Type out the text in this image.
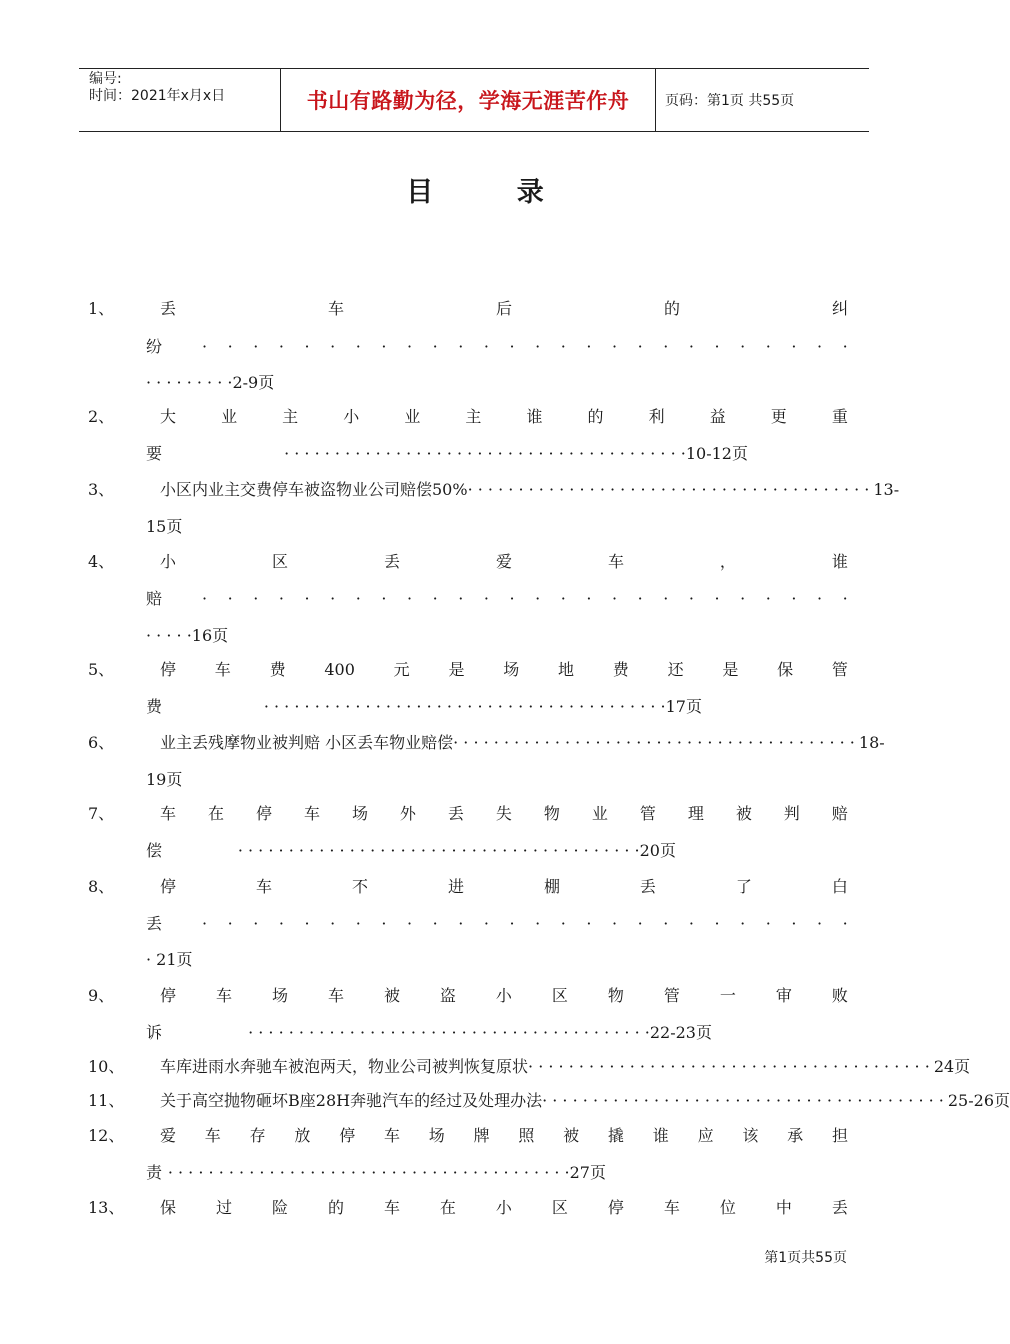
编号:
时间：2021年x月x日	书山有路勤为径，学海无涯苦作舟	页码：第1页 共55页
目 录
1、	丢	车	后	的	纠
纷	· · · · · · · · · · · · · · · · · · · · · · · · · ·
· · · · · · · · ·2-9页
2、	大	业	主	小	业	主	谁	的	利	益	更	重
要	· · · · · · · · · · · · · · · · · · · · · · · · · · · · · · · · · · · · · · · · 10-12页
3、	小区内业主交费停车被盗物业公司赔偿50% · · · · · · · · · · · · · · · · · · · · · · · · · · · · · · · · · · · · · · · · 13-
15页
4、	小	区	丢	爱	车	，	谁
赔	· · · · · · · · · · · · · · · · · · · · · · · · · ·
· · · · ·16页
5、	停 车 费 400 元 是 场 地 费 还 是 保 管
费	· · · · · · · · · · · · · · · · · · · · · · · · · · · · · · · · · · · · · · · · 17页
6、	业主丢残摩物业被判赔 小区丢车物业赔偿 · · · · · · · · · · · · · · · · · · · · · · · · · · · · · · · · · · · · · · · · 18-
19页
7、	车 在 停 车 场 外 丢 失 物 业 管 理 被 判 赔
偿	· · · · · · · · · · · · · · · · · · · · · · · · · · · · · · · · · · · · · · · · 20页
8、	停	车	不	进	棚	丢	了	白
丢	· · · · · · · · · · · · · · · · · · · · · · · · · ·
· 21页
9、	停 车 场 车 被 盗 小 区 物 管 一 审 败
诉	· · · · · · · · · · · · · · · · · · · · · · · · · · · · · · · · · · · · · · · · 22-23页
10、 车库进雨水奔驰车被泡两天，物业公司被判恢复原状 · · · · · · · · · · · · · · · · · · · · · · · · · · · · · · · · · · · · · · · · 24页
11、 关于高空抛物砸坏B座28H奔驰汽车的经过及处理办法 · · · · · · · · · · · · · · · · · · · · · · · · · · · · · · · · · · · · · · · · 25-26页
12、 爱 车 存 放 停 车 场 牌 照 被 撬 谁 应 该 承 担
责 · · · · · · · · · · · · · · · · · · · · · · · · · · · · · · · · · · · · · · · · 27页
13、 保 过 险 的 车 在 小 区 停 车 位 中 丢
第1页共55页
